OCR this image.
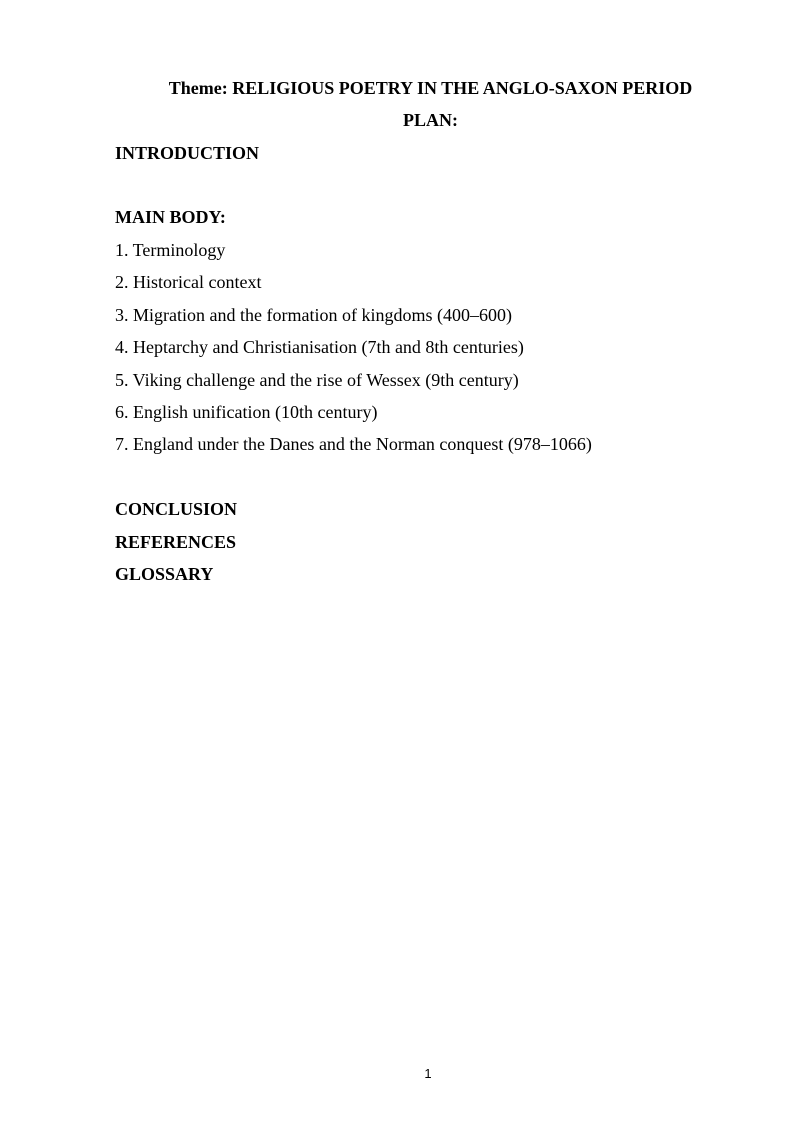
Theme: RELIGIOUS POETRY IN THE ANGLO-SAXON PERIOD
PLAN:
INTRODUCTION
MAIN BODY:
1. Terminology
2. Historical context
3. Migration and the formation of kingdoms (400–600)
4. Heptarchy and Christianisation (7th and 8th centuries)
5. Viking challenge and the rise of Wessex (9th century)
6. English unification (10th century)
7. England under the Danes and the Norman conquest (978–1066)
CONCLUSION
REFERENCES
GLOSSARY
1
